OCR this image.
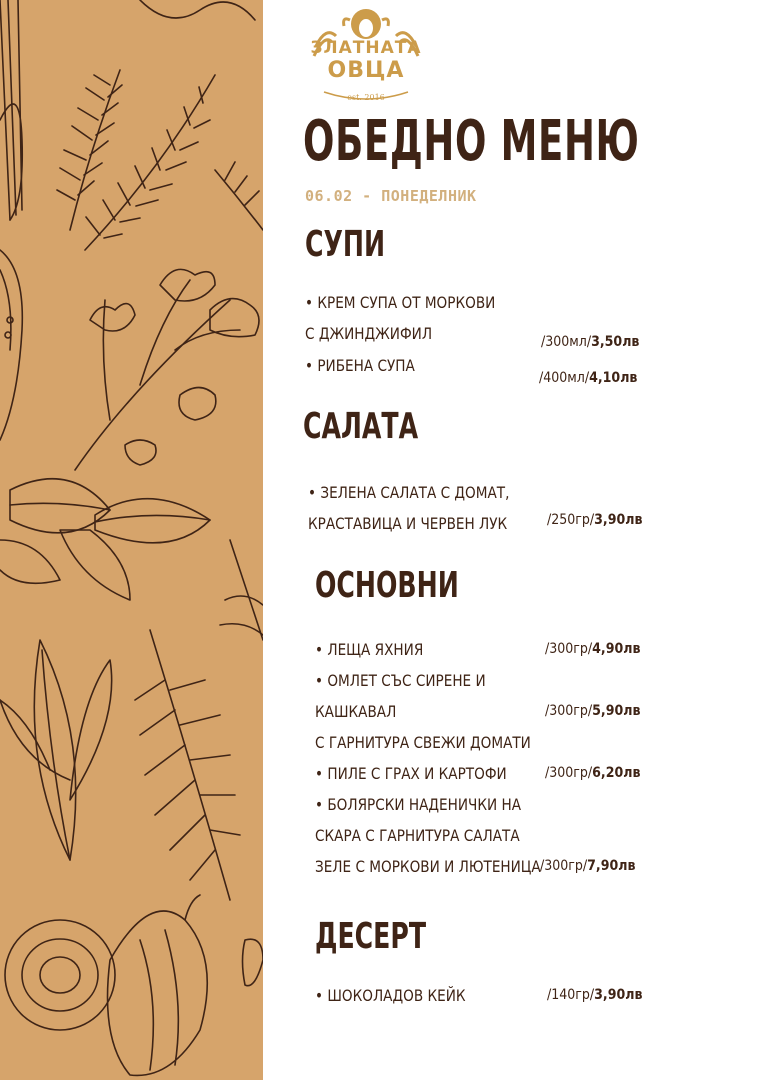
ЗЛАТНАТА
ОВЦА
est. 2016
ОБЕДНО МЕНЮ
06.02 - ПОНЕДЕЛНИК
СУПИ
• КРЕМ СУПА ОТ МОРКОВИ
С ДЖИНДЖИФИЛ	/300мл/3,50лв
• РИБЕНА СУПА
/400мл/4,10лв
САЛАТА
• ЗЕЛЕНА САЛАТА С ДОМАТ,
КРАСТАВИЦА И ЧЕРВЕН ЛУК	/250гр/3,90лв
ОСНОВНИ
• ЛЕЩА ЯХНИЯ	/300гр/4,90лв
• ОМЛЕТ СЪС СИРЕНЕ И
КАШКАВАЛ	/300гр/5,90лв
С ГАРНИТУРА СВЕЖИ ДОМАТИ
• ПИЛЕ С ГРАХ И КАРТОФИ	/300гр/6,20лв
• БОЛЯРСКИ НАДЕНИЧКИ НА
СКАРА С ГАРНИТУРА САЛАТА
ЗЕЛЕ С МОРКОВИ И ЛЮТЕНИЦА /300гр/7,90лв
ДЕСЕРТ
• ШОКОЛАДОВ КЕЙК	/140гр/3,90лв
